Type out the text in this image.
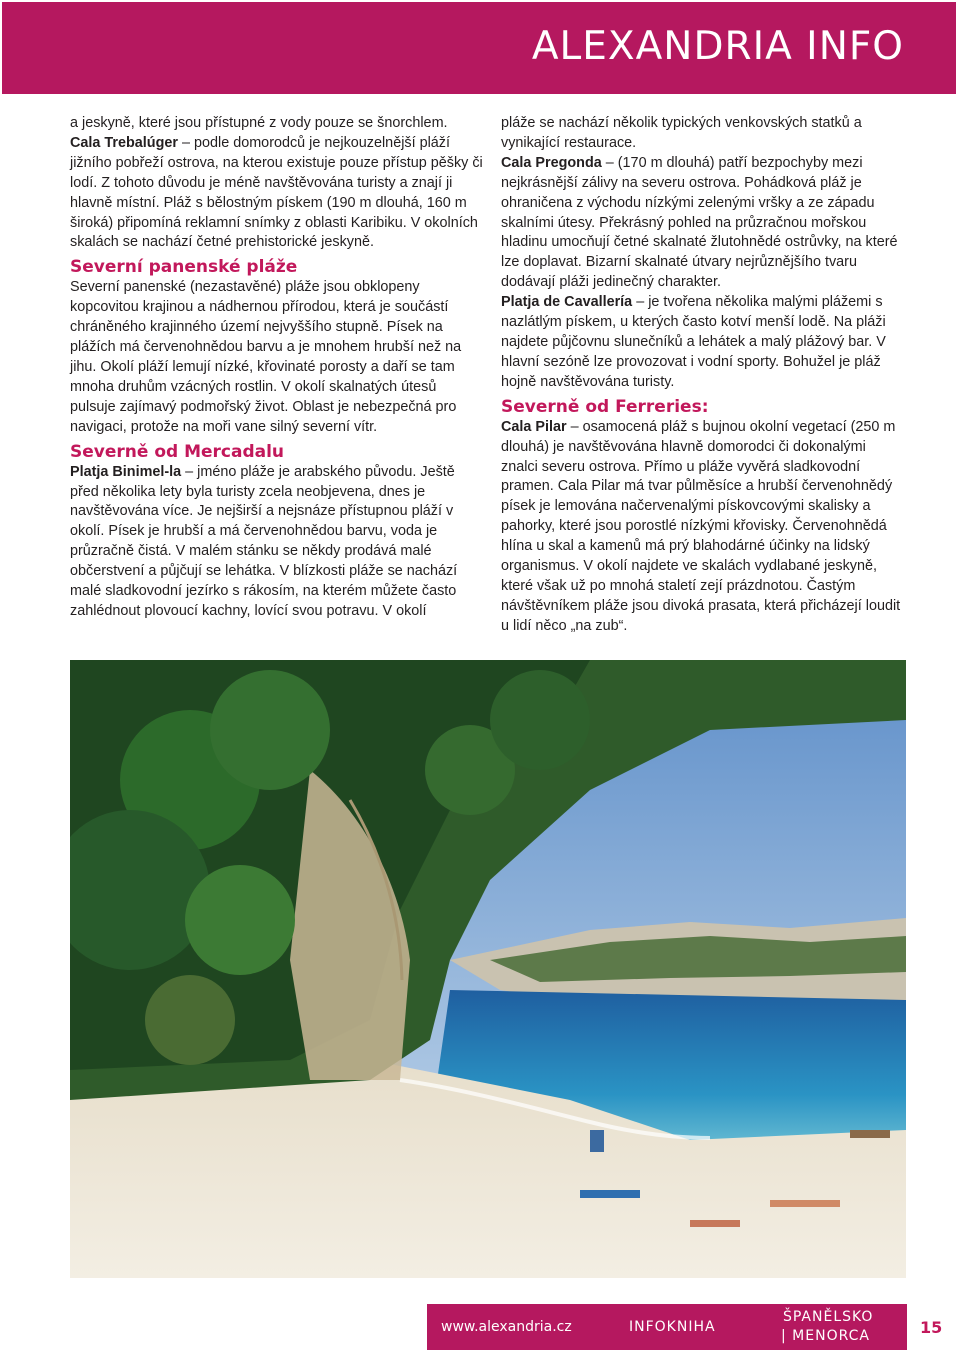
ALEXANDRIA INFO

a jeskyně, které jsou přístupné z vody pouze se šnorchlem.

Cala Trebalúger – podle domorodců je nejkouzelnější pláží jižního pobřeží ostrova, na kterou existuje pouze přístup pěšky či lodí. Z tohoto důvodu je méně navštěvována turisty a znají ji hlavně místní. Pláž s bělostným pískem (190 m dlouhá, 160 m široká) připomíná reklamní snímky z oblasti Karibiku. V okolních skalách se nachází četné prehistorické jeskyně.

Severní panenské pláže

Severní panenské (nezastavěné) pláže jsou obklopeny kopcovitou krajinou a nádhernou přírodou, která je součástí chráněného krajinného území nejvyššího stupně. Písek na plážích má červenohnědou barvu a je mnohem hrubší než na jihu. Okolí pláží lemují nízké, křovinaté porosty a daří se tam mnoha druhům vzácných rostlin. V okolí skalnatých útesů pulsuje zajímavý podmořský život. Oblast je nebezpečná pro navigaci, protože na moři vane silný severní vítr.

Severně od Mercadalu

Platja Binimel-la – jméno pláže je arabského původu. Ještě před několika lety byla turisty zcela neobjevena, dnes je navštěvována více. Je nejširší a nejsnáze přístupnou pláží v okolí. Písek je hrubší a má červenohnědou barvu, voda je průzračně čistá. V malém stánku se někdy prodává malé občerstvení a půjčují se lehátka. V blízkosti pláže se nachází malé sladkovodní jezírko s rákosím, na kterém můžete často zahlédnout plovoucí kachny, lovící svou potravu. V okolí

pláže se nachází několik typických venkovských statků a vynikající restaurace.

Cala Pregonda – (170 m dlouhá) patří bezpochyby mezi nejkrásnější zálivy na severu ostrova. Pohádková pláž je ohraničena z východu nízkými zelenými vršky a ze západu skalními útesy. Překrásný pohled na průzračnou mořskou hladinu umocňují četné skalnaté žlutohnědé ostrůvky, na které lze doplavat. Bizarní skalnaté útvary nejrůznějšího tvaru dodávají pláži jedinečný charakter.

Platja de Cavallería – je tvořena několika malými plážemi s nazlátlým pískem, u kterých často kotví menší lodě. Na pláži najdete půjčovnu slunečníků a lehátek a malý plážový bar. V hlavní sezóně lze provozovat i vodní sporty. Bohužel je pláž hojně navštěvována turisty.

Severně od Ferreries:

Cala Pilar – osamocená pláž s bujnou okolní vegetací (250 m dlouhá) je navštěvována hlavně domorodci či dokonalými znalci severu ostrova. Přímo u pláže vyvěrá sladkovodní pramen. Cala Pilar má tvar půlměsíce a hrubší červenohnědý písek je lemována načervenalými pískovcovými skalisky a pahorky, které jsou porostlé nízkými křovisky. Červenohnědá hlína u skal a kamenů má prý blahodárné účinky na lidský organismus. V okolí najdete ve skalách vydlabané jeskyně, které však už po mnohá staletí zejí prázdnotou. Častým návštěvníkem pláže jsou divoká prasata, která přicházejí loudit u lidí něco „na zub“.

www.alexandria.cz	INFOKNIHA
ŠPANĚLSKO
| MENORCA	15
